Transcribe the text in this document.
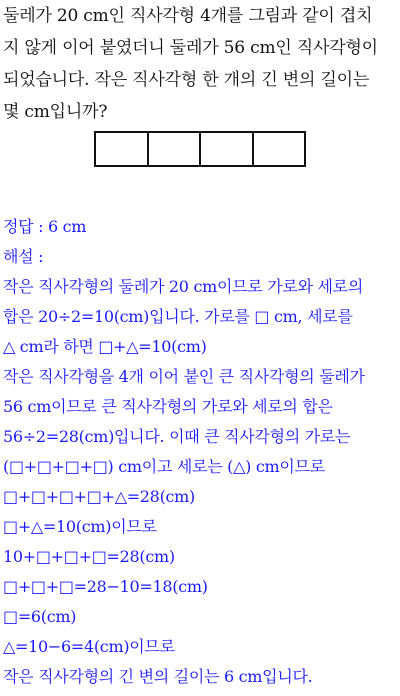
둘레가 20 cm인 직사각형 4개를 그림과 같이 겹치
지 않게 이어 붙였더니 둘레가 56 cm인 직사각형이
되었습니다. 작은 직사각형 한 개의 긴 변의 길이는
몇 cm입니까?
정답 : 6 cm
해설 :
작은 직사각형의 둘레가 20 cm이므로 가로와 세로의
합은 20÷2=10(cm)입니다. 가로를 □ cm, 세로를
△ cm라 하면 □+△=10(cm)
작은 직사각형을 4개 이어 붙인 큰 직사각형의 둘레가
56 cm이므로 큰 직사각형의 가로와 세로의 합은
56÷2=28(cm)입니다. 이때 큰 직사각형의 가로는
(□+□+□+□) cm이고 세로는 (△) cm이므로
□+□+□+□+△=28(cm)
□+△=10(cm)이므로
10+□+□+□=28(cm)
□+□+□=28−10=18(cm)
□=6(cm)
△=10−6=4(cm)이므로
작은 직사각형의 긴 변의 길이는 6 cm입니다.
